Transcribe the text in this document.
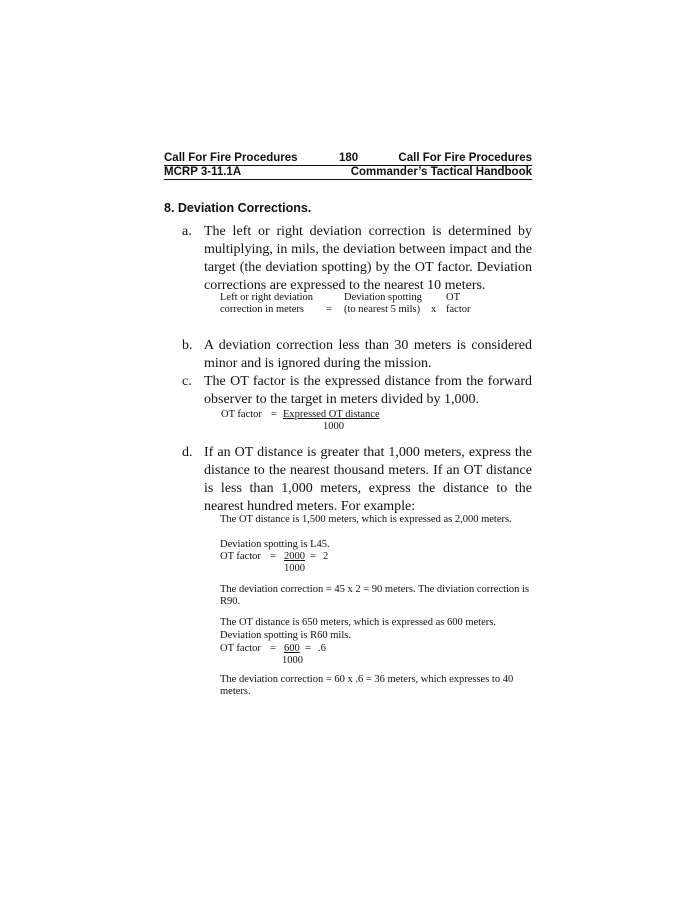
Call For Fire Procedures	180	Call For Fire Procedures
MCRP 3-11.1A	Commander’s Tactical Handbook
8. Deviation Corrections.
a. The left or right deviation correction is determined by multiplying, in mils, the deviation between impact and the target (the deviation spotting) by the OT factor. Deviation corrections are expressed to the nearest 10 meters.
Left or right deviation
correction in meters =
Deviation spotting
(to nearest 5 mils) x
OT
factor
b. A deviation correction less than 30 meters is considered minor and is ignored during the mission.
c. The OT factor is the expressed distance from the forward observer to the target in meters divided by 1,000.
OT factor = Expressed OT distance
1000
d. If an OT distance is greater that 1,000 meters, express the distance to the nearest thousand meters. If an OT distance is less than 1,000 meters, express the distance to the nearest hundred meters. For example:
The OT distance is 1,500 meters, which is expressed as 2,000 meters.
Deviation spotting is L45.
OT factor = 2000 = 2
1000
The deviation correction = 45 x 2 = 90 meters. The diviation correction is R90.
The OT distance is 650 meters, which is expressed as 600 meters.
Deviation spotting is R60 mils.
OT factor = 600 = .6
1000
The deviation correction = 60 x .6 = 36 meters, which expresses to 40 meters.
